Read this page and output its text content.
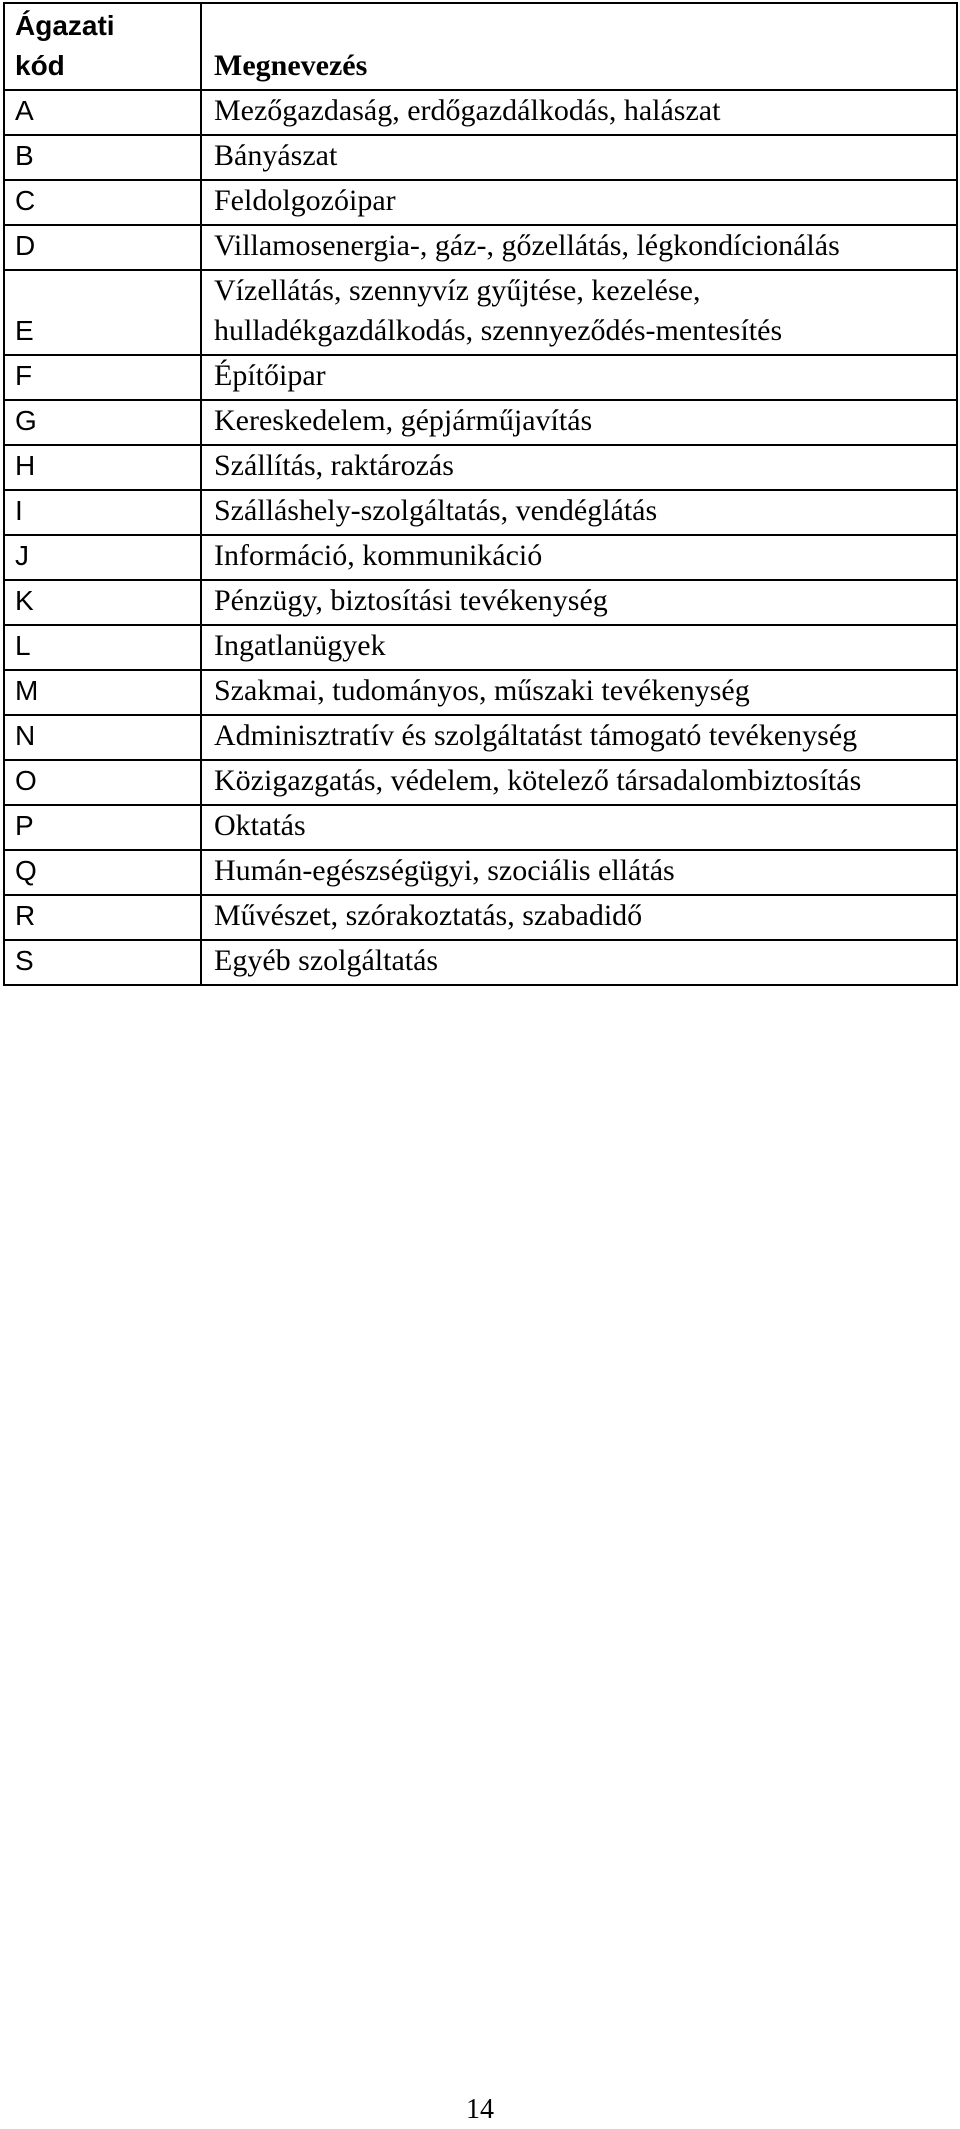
Ágazati kód	Megnevezés
A	Mezőgazdaság, erdőgazdálkodás, halászat
B	Bányászat
C	Feldolgozóipar
D	Villamosenergia-, gáz-, gőzellátás, légkondícionálás
E	Vízellátás, szennyvíz gyűjtése, kezelése, hulladékgazdálkodás, szennyeződés-mentesítés
F	Építőipar
G	Kereskedelem, gépjárműjavítás
H	Szállítás, raktározás
I	Szálláshely-szolgáltatás, vendéglátás
J	Információ, kommunikáció
K	Pénzügy, biztosítási tevékenység
L	Ingatlanügyek
M	Szakmai, tudományos, műszaki tevékenység
N	Adminisztratív és szolgáltatást támogató tevékenység
O	Közigazgatás, védelem, kötelező társadalombiztosítás
P	Oktatás
Q	Humán-egészségügyi, szociális ellátás
R	Művészet, szórakoztatás, szabadidő
S	Egyéb szolgáltatás
14
